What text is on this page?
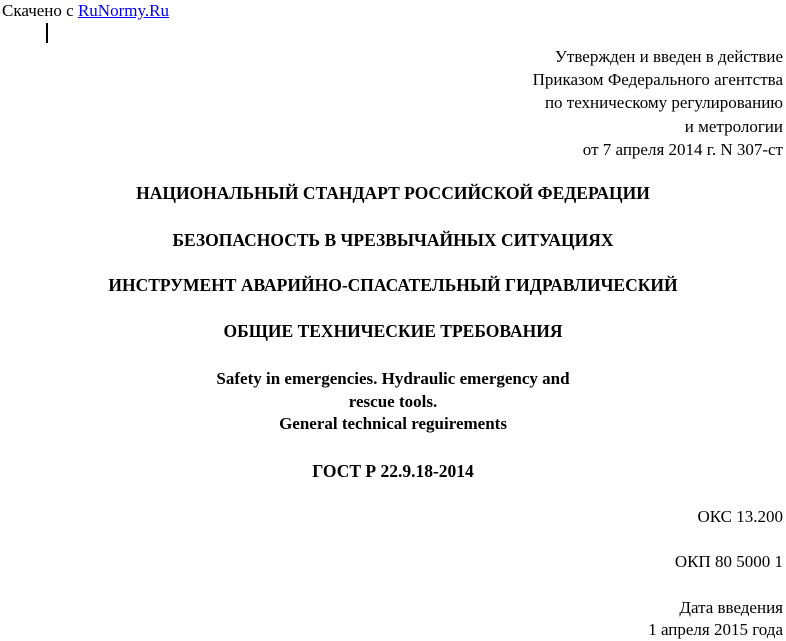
Скачено с RuNormy.Ru
Утвержден и введен в действие
Приказом Федерального агентства
по техническому регулированию
и метрологии
от 7 апреля 2014 г. N 307-ст
НАЦИОНАЛЬНЫЙ СТАНДАРТ РОССИЙСКОЙ ФЕДЕРАЦИИ
БЕЗОПАСНОСТЬ В ЧРЕЗВЫЧАЙНЫХ СИТУАЦИЯХ
ИНСТРУМЕНТ АВАРИЙНО-СПАСАТЕЛЬНЫЙ ГИДРАВЛИЧЕСКИЙ
ОБЩИЕ ТЕХНИЧЕСКИЕ ТРЕБОВАНИЯ
Safety in emergencies. Hydraulic emergency and
rescue tools.
General technical reguirements
ГОСТ Р 22.9.18-2014
ОКС 13.200
ОКП 80 5000 1
Дата введения
1 апреля 2015 года
